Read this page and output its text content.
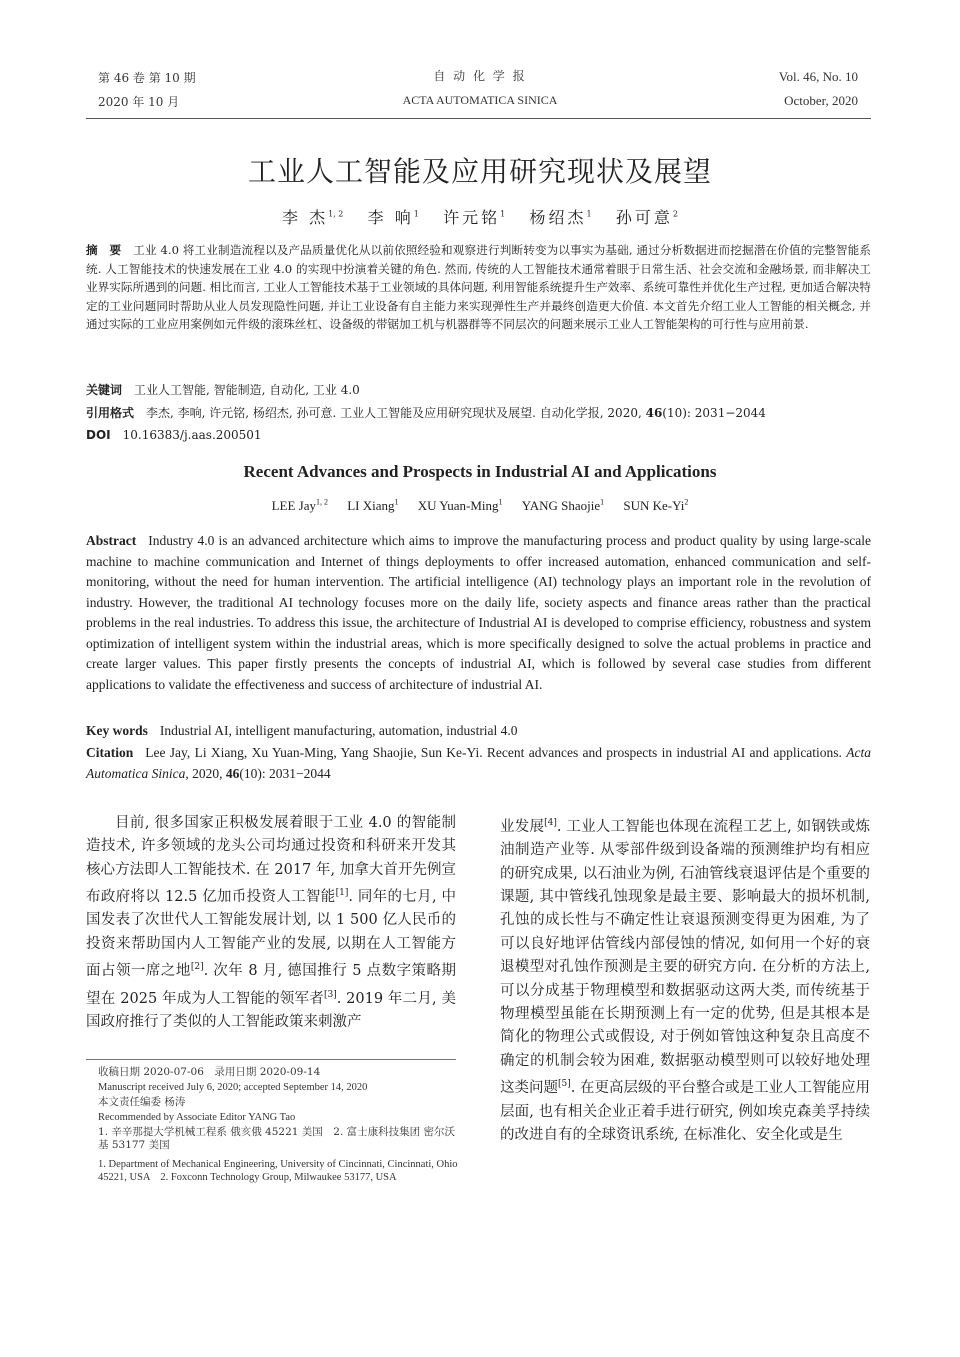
第 46 卷 第 10 期
2020 年 10 月
自 动 化 学 报
ACTA AUTOMATICA SINICA
Vol. 46, No. 10
October, 2020
工业人工智能及应用研究现状及展望
李 杰$^{1, 2}$ 李 响$^1$ 许元铭$^1$ 杨绍杰$^1$ 孙可意$^2$
摘　要 工业 4.0 将工业制造流程以及产品质量优化从以前依照经验和观察进行判断转变为以事实为基础, 通过分析数据进而挖掘潜在价值的完整智能系统. 人工智能技术的快速发展在工业 4.0 的实现中扮演着关键的角色. 然而, 传统的人工智能技术通常着眼于日常生活、社会交流和金融场景, 而非解决工业界实际所遇到的问题. 相比而言, 工业人工智能技术基于工业领域的具体问题, 利用智能系统提升生产效率、系统可靠性并优化生产过程, 更加适合解决特定的工业问题同时帮助从业人员发现隐性问题, 并让工业设备有自主能力来实现弹性生产并最终创造更大价值. 本文首先介绍工业人工智能的相关概念, 并通过实际的工业应用案例如元件级的滚珠丝杠、设备级的带锯加工机与机器群等不同层次的问题来展示工业人工智能架构的可行性与应用前景.
关键词 工业人工智能, 智能制造, 自动化, 工业 4.0
引用格式 李杰, 李响, 许元铭, 杨绍杰, 孙可意. 工业人工智能及应用研究现状及展望. 自动化学报, 2020, 46(10): 2031−2044
DOI 10.16383/j.aas.200501
Recent Advances and Prospects in Industrial AI and Applications
LEE Jay$^{1, 2}$ LI Xiang$^1$ XU Yuan-Ming$^1$ YANG Shaojie$^1$ SUN Ke-Yi$^2$
Abstract Industry 4.0 is an advanced architecture which aims to improve the manufacturing process and product quality by using large-scale machine to machine communication and Internet of things deployments to offer increased automation, enhanced communication and self-monitoring, without the need for human intervention. The artificial intelligence (AI) technology plays an important role in the revolution of industry. However, the traditional AI technology focuses more on the daily life, society aspects and finance areas rather than the practical problems in the real industries. To address this issue, the architecture of Industrial AI is developed to comprise efficiency, robustness and system optimization of intelligent system within the industrial areas, which is more specifically designed to solve the actual problems in practice and create larger values. This paper firstly presents the concepts of industrial AI, which is followed by several case studies from different applications to validate the effectiveness and success of architecture of industrial AI.
Key words Industrial AI, intelligent manufacturing, automation, industrial 4.0
Citation Lee Jay, Li Xiang, Xu Yuan-Ming, Yang Shaojie, Sun Ke-Yi. Recent advances and prospects in industrial AI and applications. Acta Automatica Sinica, 2020, 46(10): 2031−2044
目前, 很多国家正积极发展着眼于工业 4.0 的智能制造技术, 许多领域的龙头公司均通过投资和科研来开发其核心方法即人工智能技术. 在 2017 年, 加拿大首开先例宣布政府将以 12.5 亿加币投资人工智能[1]. 同年的七月, 中国发表了次世代人工智能发展计划, 以 1 500 亿人民币的投资来帮助国内人工智能产业的发展, 以期在人工智能方面占领一席之地[2]. 次年 8 月, 德国推行 5 点数字策略期望在 2025 年成为人工智能的领军者[3]. 2019 年二月, 美国政府推行了类似的人工智能政策来刺激产
业发展[4]. 工业人工智能也体现在流程工艺上, 如钢铁或炼油制造产业等. 从零部件级到设备端的预测维护均有相应的研究成果, 以石油业为例, 石油管线衰退评估是个重要的课题, 其中管线孔蚀现象是最主要、影响最大的损坏机制, 孔蚀的成长性与不确定性让衰退预测变得更为困难, 为了可以良好地评估管线内部侵蚀的情况, 如何用一个好的衰退模型对孔蚀作预测是主要的研究方向. 在分析的方法上, 可以分成基于物理模型和数据驱动这两大类, 而传统基于物理模型虽能在长期预测上有一定的优势, 但是其根本是简化的物理公式或假设, 对于例如管蚀这种复杂且高度不确定的机制会较为困难, 数据驱动模型则可以较好地处理这类问题[5]. 在更高层级的平台整合或是工业人工智能应用层面, 也有相关企业正着手进行研究, 例如埃克森美孚持续的改进自有的全球资讯系统, 在标准化、安全化或是生
收稿日期 2020-07-06　录用日期 2020-09-14
Manuscript received July 6, 2020; accepted September 14, 2020
本文责任编委 杨涛
Recommended by Associate Editor YANG Tao
1. 辛辛那提大学机械工程系 俄亥俄 45221 美国　2. 富士康科技集团 密尔沃基 53177 美国
1. Department of Mechanical Engineering, University of Cincinnati, Cincinnati, Ohio 45221, USA　2. Foxconn Technology Group, Milwaukee 53177, USA
